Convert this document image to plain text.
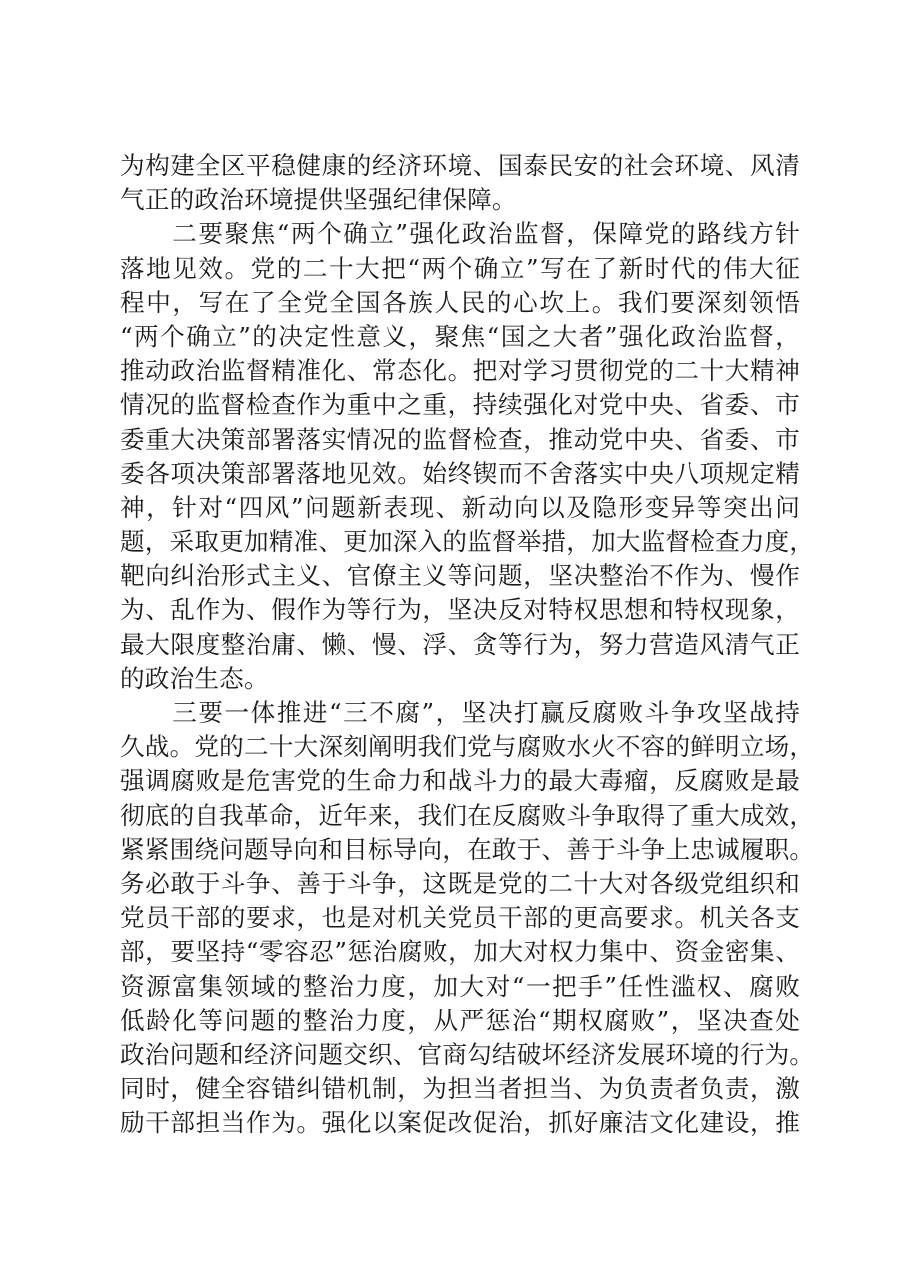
为构建全区平稳健康的经济环境、国泰民安的社会环境、风清
气正的政治环境提供坚强纪律保障。
　　二要聚焦“两个确立”强化政治监督，保障党的路线方针
落地见效。党的二十大把“两个确立”写在了新时代的伟大征
程中，写在了全党全国各族人民的心坎上。我们要深刻领悟
“两个确立”的决定性意义，聚焦“国之大者”强化政治监督，
推动政治监督精准化、常态化。把对学习贯彻党的二十大精神
情况的监督检查作为重中之重，持续强化对党中央、省委、市
委重大决策部署落实情况的监督检查，推动党中央、省委、市
委各项决策部署落地见效。始终锲而不舍落实中央八项规定精
神，针对“四风”问题新表现、新动向以及隐形变异等突出问
题，采取更加精准、更加深入的监督举措，加大监督检查力度，
靶向纠治形式主义、官僚主义等问题，坚决整治不作为、慢作
为、乱作为、假作为等行为，坚决反对特权思想和特权现象，
最大限度整治庸、懒、慢、浮、贪等行为，努力营造风清气正
的政治生态。
　　三要一体推进“三不腐”，坚决打赢反腐败斗争攻坚战持
久战。党的二十大深刻阐明我们党与腐败水火不容的鲜明立场，
强调腐败是危害党的生命力和战斗力的最大毒瘤，反腐败是最
彻底的自我革命，近年来，我们在反腐败斗争取得了重大成效，
紧紧围绕问题导向和目标导向，在敢于、善于斗争上忠诚履职。
务必敢于斗争、善于斗争，这既是党的二十大对各级党组织和
党员干部的要求，也是对机关党员干部的更高要求。机关各支
部，要坚持“零容忍”惩治腐败，加大对权力集中、资金密集、
资源富集领域的整治力度，加大对“一把手”任性滥权、腐败
低龄化等问题的整治力度，从严惩治“期权腐败”，坚决查处
政治问题和经济问题交织、官商勾结破坏经济发展环境的行为。
同时，健全容错纠错机制，为担当者担当、为负责者负责，激
励干部担当作为。强化以案促改促治，抓好廉洁文化建设，推
